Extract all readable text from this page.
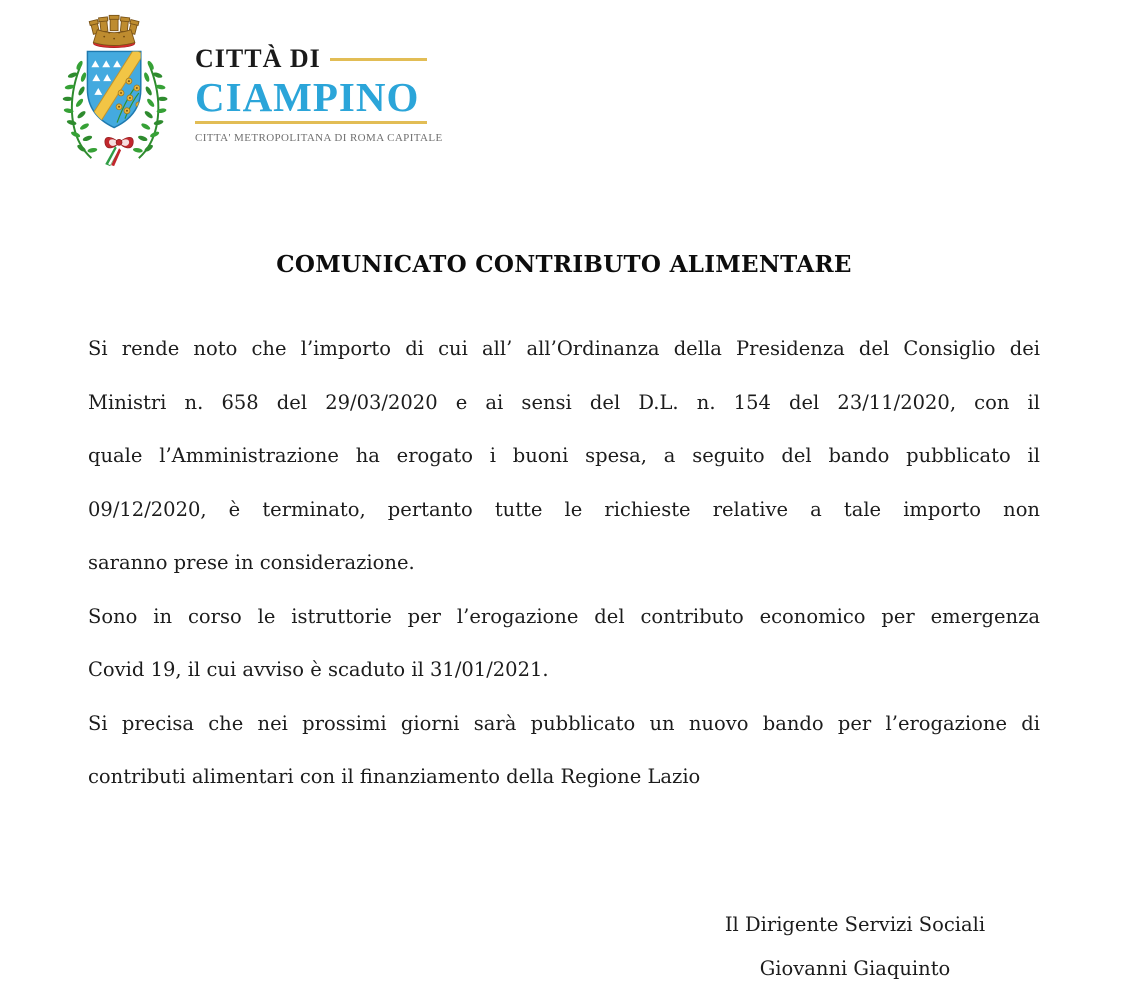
CITTÀ DI
CIAMPINO
CITTA' METROPOLITANA DI ROMA CAPITALE
COMUNICATO CONTRIBUTO ALIMENTARE
Si rende noto che l’importo di cui all’ all’Ordinanza della Presidenza del Consiglio dei
Ministri n. 658 del 29/03/2020 e ai sensi del D.L. n. 154 del 23/11/2020, con il
quale l’Amministrazione ha erogato i buoni spesa, a seguito del bando pubblicato il
09/12/2020, è terminato, pertanto tutte le richieste relative a tale importo non
saranno prese in considerazione.
Sono in corso le istruttorie per l’erogazione del contributo economico per emergenza
Covid 19, il cui avviso è scaduto il 31/01/2021.
Si precisa che nei prossimi giorni sarà pubblicato un nuovo bando per l’erogazione di
contributi alimentari con il finanziamento della Regione Lazio
Il Dirigente Servizi Sociali
Giovanni Giaquinto
